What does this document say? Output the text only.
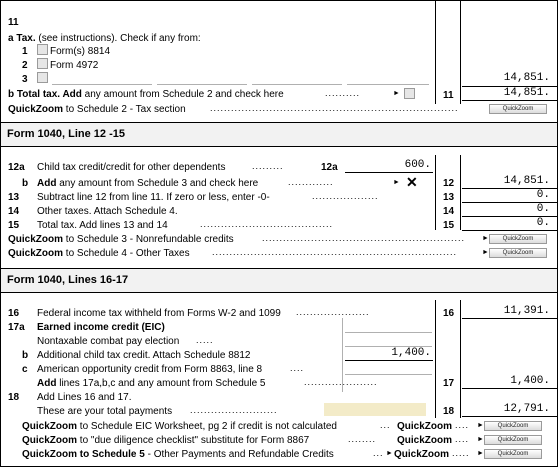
11
a Tax. (see instructions). Check if any from:
1 Form(s) 8814
2 Form 4972
3	14,851.
b Total tax. Add any amount from Schedule 2 and check here	..........	►	11	14,851.
QuickZoom to Schedule 2 - Tax section	.......................................................................	QuickZoom
Form 1040, Line 12 -15
12a Child tax credit/credit for other dependents	.........	12a	600.
b Add any amount from Schedule 3 and check here	.............	► ✕	12	14,851.
13 Subtract line 12 from line 11. If zero or less, enter -0-	...................	13	0.
14 Other taxes. Attach Schedule 4.	14	0.
15 Total tax. Add lines 13 and 14	......................................	15	0.
QuickZoom to Schedule 3 - Nonrefundable credits	..........................................................	►	QuickZoom
QuickZoom to Schedule 4 - Other Taxes ......................................................................	►	QuickZoom
Form 1040, Lines 16-17
16 Federal income tax withheld from Forms W-2 and 1099 .....................	16	11,391.
17a Earned income credit (EIC)
Nontaxable combat pay election .....
b Additional child tax credit. Attach Schedule 8812	1,400.
c American opportunity credit from Form 8863, line 8	....
Add lines 17a,b,c and any amount from Schedule 5	.....................	17	1,400.
18 Add Lines 16 and 17.
These are your total payments .........................	18	12,791.
QuickZoom to Schedule EIC Worksheet, pg 2 if credit is not calculated	... QuickZoom ....	►	QuickZoom
QuickZoom to "due diligence checklist" substitute for Form 8867	........	QuickZoom ....	►	QuickZoom
QuickZoom to Schedule 5 - Other Payments and Refundable Credits	... ► QuickZoom .....	►	QuickZoom
